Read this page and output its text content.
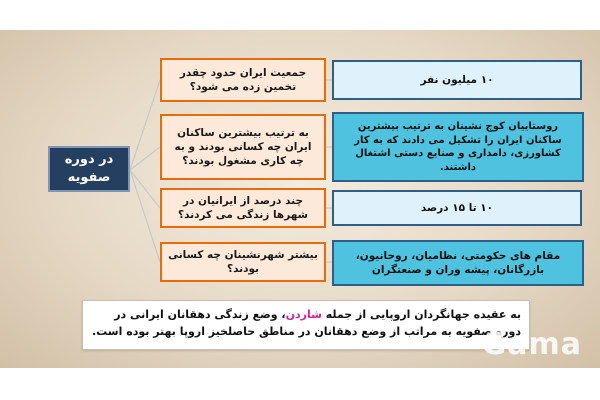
در دوره صفویه
جمعیت ایران حدود چقدر تخمین زده می شود؟
۱۰ میلیون نفر
به ترتیب بیشترین ساکنان ایران چه کسانی بودند و به چه کاری مشغول بودند؟
روستاییان کوچ نشینان به ترتیب بیشترین ساکنان ایران را تشکیل می دادند که به کار کشاورزی، دامداری و صنایع دستی اشتغال داشتند.
چند درصد از ایرانیان در شهرها زندگی می کردند؟
۱۰ تا ۱۵ درصد
بیشتر شهرنشینان چه کسانی بودند؟
مقام های حکومتی، نظامیان، روحانیون، بازرگانان، پیشه وران و صنعتگران
به عقیده جهانگردان اروپایی از جمله شاردن، وضع زندگی دهقانان ایرانی در دوره صفویه به مراتب از وضع دهقانان در مناطق حاصلخیز اروپا بهتر بوده است.
Gama
